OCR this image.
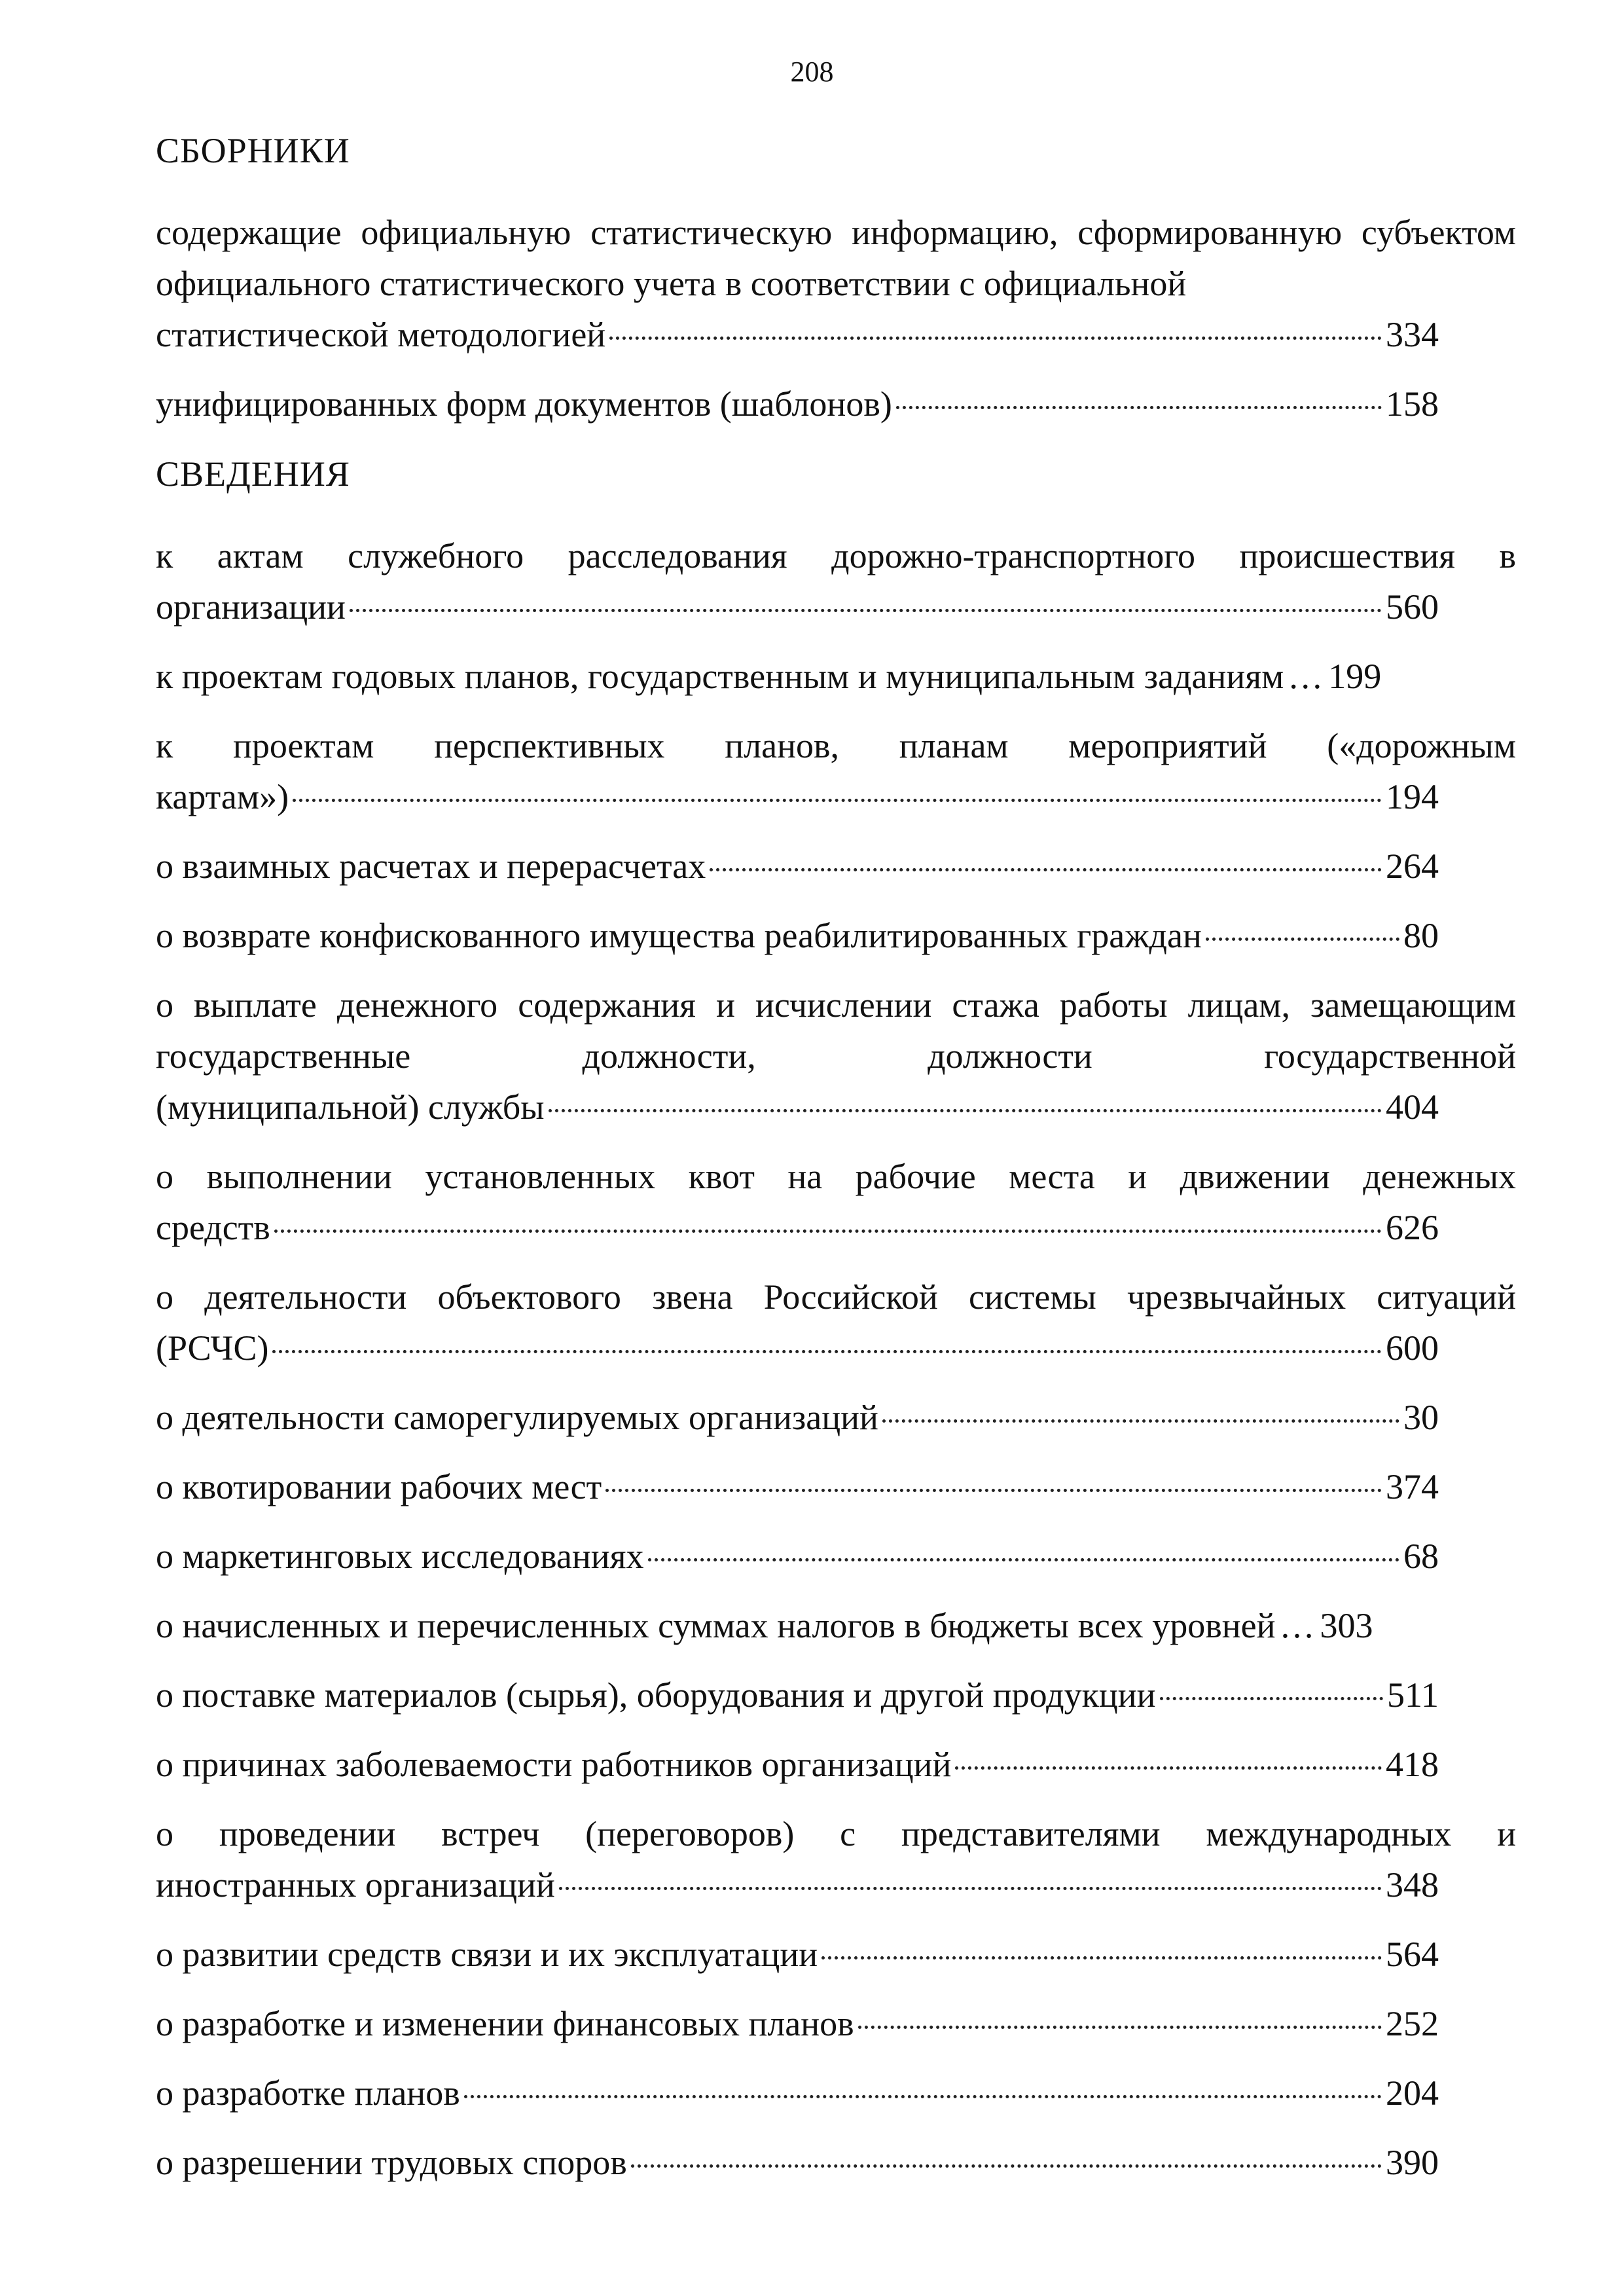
208
СБОРНИКИ
содержащие официальную статистическую информацию, сформированную субъектом официального статистического учета в соответствии с официальной
статистической методологией	334
унифицированных форм документов (шаблонов)	158
СВЕДЕНИЯ
к актам служебного расследования дорожно-транспортного происшествия в
организации	560
к проектам годовых планов, государственным и муниципальным заданиям … 199
к проектам перспективных планов, планам мероприятий («дорожным
картам»)	194
о взаимных расчетах и перерасчетах	264
о возврате конфискованного имущества реабилитированных граждан	80
о выплате денежного содержания и исчислении стажа работы лицам, замещающим государственные должности, должности государственной
(муниципальной) службы	404
о выполнении установленных квот на рабочие места и движении денежных
средств	626
о деятельности объектового звена Российской системы чрезвычайных ситуаций
(РСЧС)	600
о деятельности саморегулируемых организаций	30
о квотировании рабочих мест	374
о маркетинговых исследованиях	68
о начисленных и перечисленных суммах налогов в бюджеты всех уровней … 303
о поставке материалов (сырья), оборудования и другой продукции	511
о причинах заболеваемости работников организаций	418
о проведении встреч (переговоров) с представителями международных и
иностранных организаций	348
о развитии средств связи и их эксплуатации	564
о разработке и изменении финансовых планов	252
о разработке планов	204
о разрешении трудовых споров	390
